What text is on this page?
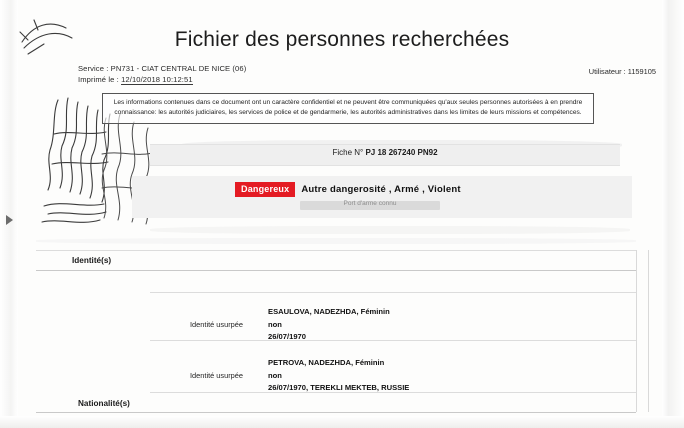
Fichier des personnes recherchées
Service : PN731 - CIAT CENTRAL DE NICE (06)
Imprimé le : 12/10/2018 10:12:51
Utilisateur : 1159105
Les informations contenues dans ce document ont un caractère confidentiel et ne peuvent être communiquées qu'aux seules personnes autorisées à en prendre connaissance: les autorités judiciaires, les services de police et de gendarmerie, les autorités administratives dans les limites de leurs missions et compétences.
Fiche N° PJ 18 267240 PN92
Dangereux	Autre dangerosité , Armé , Violent
Port d'arme connu
Identité(s)
Identité usurpée
ESAULOVA, NADEZHDA, Féminin
non
26/07/1970
Identité usurpée
PETROVA, NADEZHDA, Féminin
non
26/07/1970, TEREKLI MEKTEB, RUSSIE
Nationalité(s)
